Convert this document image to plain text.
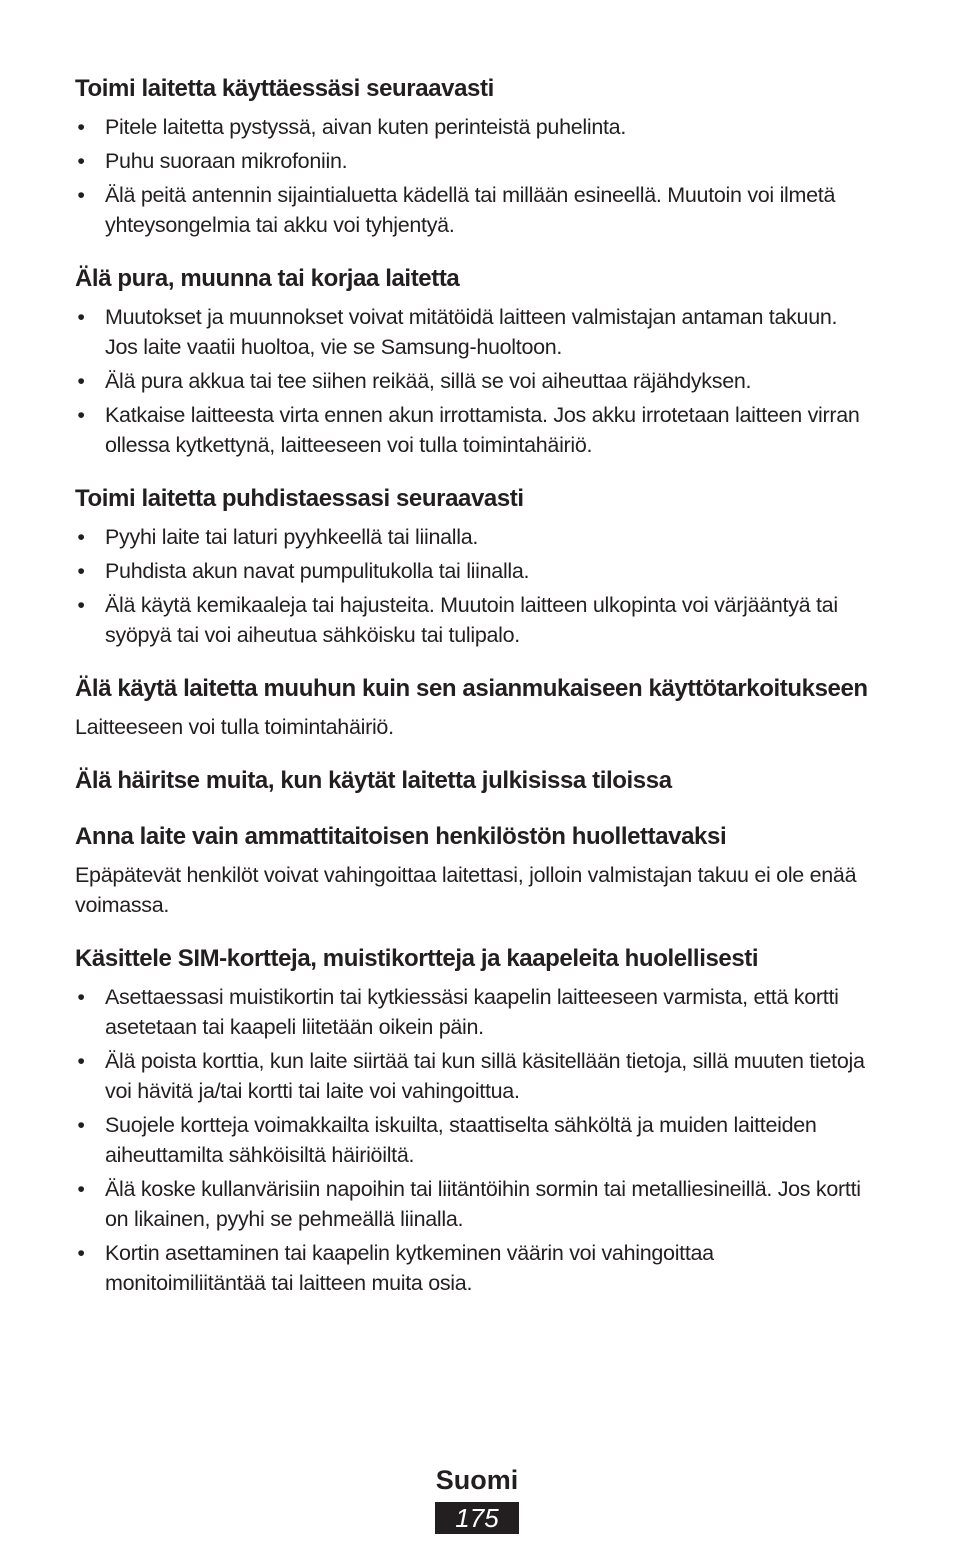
Toimi laitetta käyttäessäsi seuraavasti
• Pitele laitetta pystyssä, aivan kuten perinteistä puhelinta.
• Puhu suoraan mikrofoniin.
• Älä peitä antennin sijaintialuetta kädellä tai millään esineellä. Muutoin voi ilmetä yhteysongelmia tai akku voi tyhjentyä.
Älä pura, muunna tai korjaa laitetta
• Muutokset ja muunnokset voivat mitätöidä laitteen valmistajan antaman takuun. Jos laite vaatii huoltoa, vie se Samsung-huoltoon.
• Älä pura akkua tai tee siihen reikää, sillä se voi aiheuttaa räjähdyksen.
• Katkaise laitteesta virta ennen akun irrottamista. Jos akku irrotetaan laitteen virran ollessa kytkettynä, laitteeseen voi tulla toimintahäiriö.
Toimi laitetta puhdistaessasi seuraavasti
• Pyyhi laite tai laturi pyyhkeellä tai liinalla.
• Puhdista akun navat pumpulitukolla tai liinalla.
• Älä käytä kemikaaleja tai hajusteita. Muutoin laitteen ulkopinta voi värjääntyä tai syöpyä tai voi aiheutua sähköisku tai tulipalo.
Älä käytä laitetta muuhun kuin sen asianmukaiseen käyttötarkoitukseen

Laitteeseen voi tulla toimintahäiriö.

Älä häiritse muita, kun käytät laitetta julkisissa tiloissa
Anna laite vain ammattitaitoisen henkilöstön huollettavaksi

Epäpätevät henkilöt voivat vahingoittaa laitettasi, jolloin valmistajan takuu ei ole enää voimassa.

Käsittele SIM-kortteja, muistikortteja ja kaapeleita huolellisesti
• Asettaessasi muistikortin tai kytkiessäsi kaapelin laitteeseen varmista, että kortti asetetaan tai kaapeli liitetään oikein päin.
• Älä poista korttia, kun laite siirtää tai kun sillä käsitellään tietoja, sillä muuten tietoja voi hävitä ja/tai kortti tai laite voi vahingoittua.
• Suojele kortteja voimakkailta iskuilta, staattiselta sähköltä ja muiden laitteiden aiheuttamilta sähköisiltä häiriöiltä.
• Älä koske kullanvärisiin napoihin tai liitäntöihin sormin tai metalliesineillä. Jos kortti on likainen, pyyhi se pehmeällä liinalla.
• Kortin asettaminen tai kaapelin kytkeminen väärin voi vahingoittaa monitoimiliitäntää tai laitteen muita osia.
Suomi
175
